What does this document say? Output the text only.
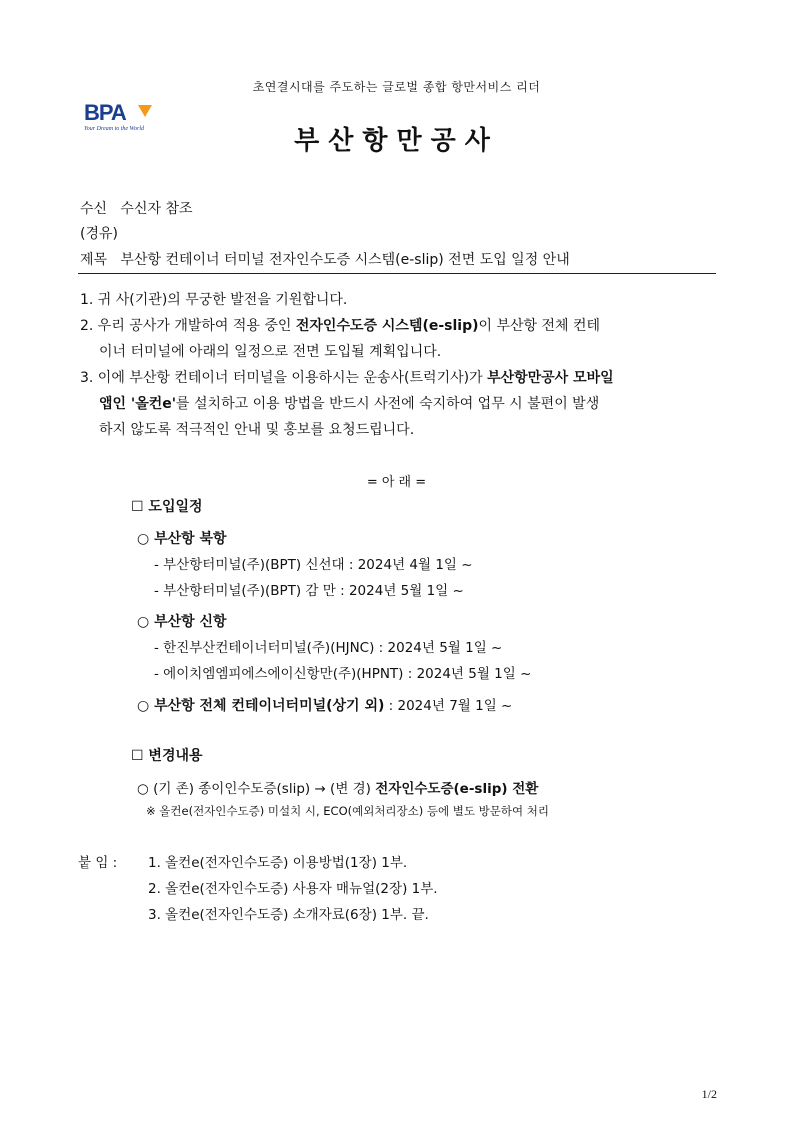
초연결시대를 주도하는 글로벌 종합 항만서비스 리더
BPA
Your Dream to the World	부산항만공사
수신 수신자 참조
(경유)
제목 부산항 컨테이너 터미널 전자인수도증 시스템(e-slip) 전면 도입 일정 안내
1. 귀 사(기관)의 무궁한 발전을 기원합니다.
2. 우리 공사가 개발하여 적용 중인 전자인수도증 시스템(e-slip)이 부산항 전체 컨테
이너 터미널에 아래의 일정으로 전면 도입될 계획입니다.
3. 이에 부산항 컨테이너 터미널을 이용하시는 운송사(트럭기사)가 부산항만공사 모바일
앱인 '올컨e'를 설치하고 이용 방법을 반드시 사전에 숙지하여 업무 시 불편이 발생
하지 않도록 적극적인 안내 및 홍보를 요청드립니다.
= 아 래 =
☐ 도입일정
○ 부산항 북항
- 부산항터미널(주)(BPT) 신선대 : 2024년 4월 1일 ~
- 부산항터미널(주)(BPT) 감 만 : 2024년 5월 1일 ~
○ 부산항 신항
- 한진부산컨테이너터미널(주)(HJNC) : 2024년 5월 1일 ~
- 에이치엠엠피에스에이신항만(주)(HPNT) : 2024년 5월 1일 ~
○ 부산항 전체 컨테이너터미널(상기 외) : 2024년 7월 1일 ~
☐ 변경내용
○ (기 존) 종이인수도증(slip) → (변 경) 전자인수도증(e-slip) 전환
※ 올컨e(전자인수도증) 미설치 시, ECO(예외처리장소) 등에 별도 방문하여 처리
붙 임 : 1. 올컨e(전자인수도증) 이용방법(1장) 1부.
2. 올컨e(전자인수도증) 사용자 매뉴얼(2장) 1부.
3. 올컨e(전자인수도증) 소개자료(6장) 1부. 끝.
1/2
